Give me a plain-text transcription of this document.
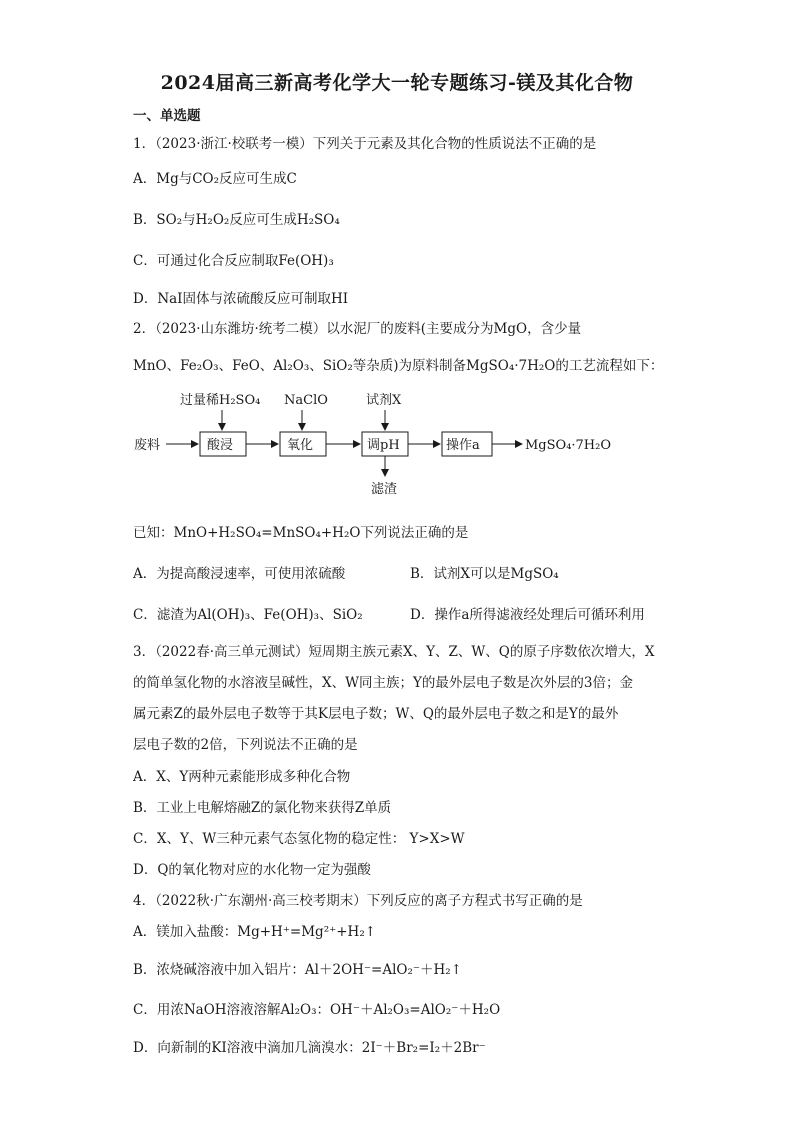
2024届高三新高考化学大一轮专题练习-镁及其化合物
一、单选题
1．（2023·浙江·校联考一模）下列关于元素及其化合物的性质说法不正确的是
A．Mg与CO₂反应可生成C
B．SO₂与H₂O₂反应可生成H₂SO₄
C．可通过化合反应制取Fe(OH)₃
D．NaI固体与浓硫酸反应可制取HI
2．（2023·山东潍坊·统考二模）以水泥厂的废料(主要成分为MgO，含少量
MnO、Fe₂O₃、FeO、Al₂O₃、SiO₂等杂质)为原料制备MgSO₄·7H₂O的工艺流程如下：
过量稀H₂SO₄ NaClO	试剂X
废料	酸浸	氧化	调pH	操作a	MgSO₄·7H₂O
滤渣
已知：MnO+H₂SO₄=MnSO₄+H₂O下列说法正确的是
A．为提高酸浸速率，可使用浓硫酸	B．试剂X可以是MgSO₄
C．滤渣为Al(OH)₃、Fe(OH)₃、SiO₂	D．操作a所得滤液经处理后可循环利用
3．（2022春·高三单元测试）短周期主族元素X、Y、Z、W、Q的原子序数依次增大，X
的简单氢化物的水溶液呈碱性，X、W同主族；Y的最外层电子数是次外层的3倍；金
属元素Z的最外层电子数等于其K层电子数；W、Q的最外层电子数之和是Y的最外
层电子数的2倍，下列说法不正确的是
A．X、Y两种元素能形成多种化合物
B．工业上电解熔融Z的氯化物来获得Z单质
C．X、Y、W三种元素气态氢化物的稳定性： Y>X>W
D．Q的氧化物对应的水化物一定为强酸
4．（2022秋·广东潮州·高三校考期末）下列反应的离子方程式书写正确的是
A．镁加入盐酸：Mg+H⁺=Mg²⁺+H₂↑
B．浓烧碱溶液中加入铝片：Al＋2OH⁻=AlO₂⁻＋H₂↑
C．用浓NaOH溶液溶解Al₂O₃：OH⁻＋Al₂O₃=AlO₂⁻＋H₂O
D．向新制的KI溶液中滴加几滴溴水：2I⁻＋Br₂=I₂＋2Br⁻
